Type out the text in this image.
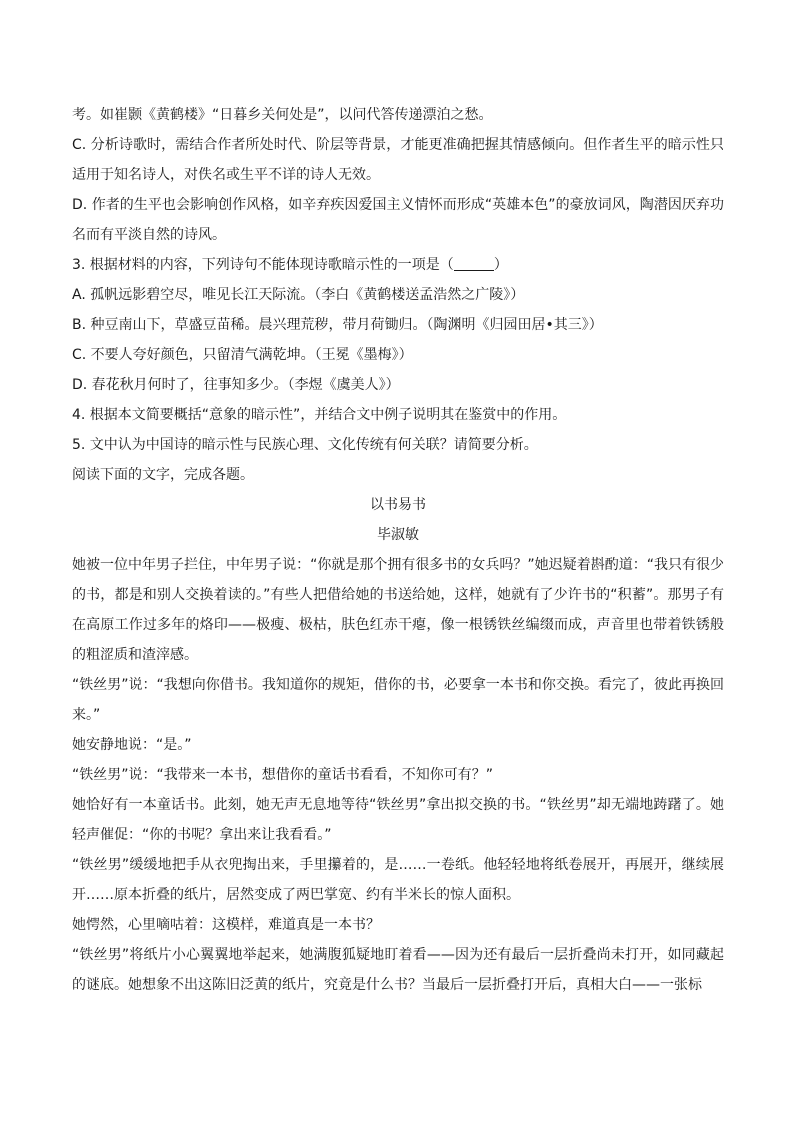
考。如崔颢《黄鹤楼》“日暮乡关何处是”，以问代答传递漂泊之愁。

C. 分析诗歌时，需结合作者所处时代、阶层等背景，才能更准确把握其情感倾向。但作者生平的暗示性只适用于知名诗人，对佚名或生平不详的诗人无效。

D. 作者的生平也会影响创作风格，如辛弃疾因爱国主义情怀而形成“英雄本色”的豪放词风，陶潜因厌弃功名而有平淡自然的诗风。

3. 根据材料的内容，下列诗句不能体现诗歌暗示性的一项是（	）

A. 孤帆远影碧空尽，唯见长江天际流。（李白《黄鹤楼送孟浩然之广陵》）

B. 种豆南山下，草盛豆苗稀。晨兴理荒秽，带月荷锄归。（陶渊明《归园田居•其三》）

C. 不要人夸好颜色，只留清气满乾坤。（王冕《墨梅》）

D. 春花秋月何时了，往事知多少。（李煜《虞美人》）

4. 根据本文简要概括“意象的暗示性”，并结合文中例子说明其在鉴赏中的作用。

5. 文中认为中国诗的暗示性与民族心理、文化传统有何关联？请简要分析。

阅读下面的文字，完成各题。

以书易书

毕淑敏

她被一位中年男子拦住，中年男子说：“你就是那个拥有很多书的女兵吗？”她迟疑着斟酌道：“我只有很少的书，都是和别人交换着读的。”有些人把借给她的书送给她，这样，她就有了少许书的“积蓄”。那男子有在高原工作过多年的烙印——极瘦、极枯，肤色红赤干瘪，像一根锈铁丝编缀而成，声音里也带着铁锈般的粗涩质和渣滓感。

“铁丝男”说：“我想向你借书。我知道你的规矩，借你的书，必要拿一本书和你交换。看完了，彼此再换回来。”

她安静地说：“是。”

“铁丝男”说：“我带来一本书，想借你的童话书看看，不知你可有？”

她恰好有一本童话书。此刻，她无声无息地等待“铁丝男”拿出拟交换的书。“铁丝男”却无端地踌躇了。她轻声催促：“你的书呢？拿出来让我看看。”

“铁丝男”缓缓地把手从衣兜掏出来，手里攥着的，是……一卷纸。他轻轻地将纸卷展开，再展开，继续展开……原本折叠的纸片，居然变成了两巴掌宽、约有半米长的惊人面积。

她愕然，心里嘀咕着：这模样，难道真是一本书？

“铁丝男”将纸片小心翼翼地举起来，她满腹狐疑地盯着看——因为还有最后一层折叠尚未打开，如同藏起的谜底。她想象不出这陈旧泛黄的纸片，究竟是什么书？当最后一层折叠打开后，真相大白——一张标
